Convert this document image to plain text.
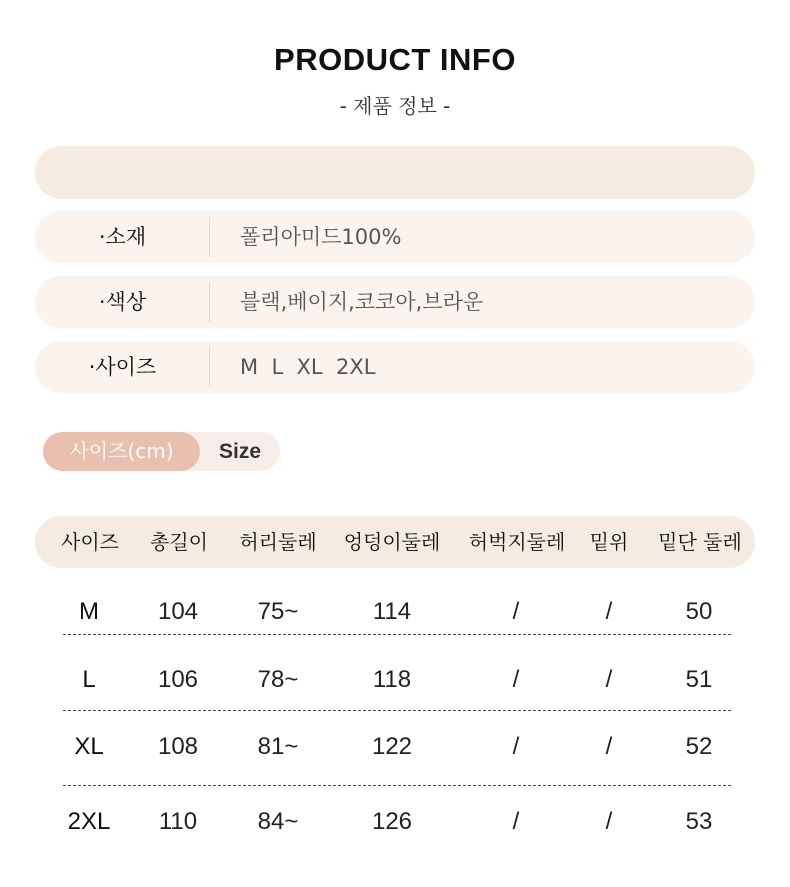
PRODUCT INFO
- 제품 정보 -
·소재	폴리아미드100%
·색상	블랙,베이지,코코아,브라운
·사이즈	M  L  XL  2XL
사이즈(cm)	Size
사이즈	총길이	허리둘레	엉덩이둘레	허벅지둘레	밑위	밑단 둘레
M	104	75~	114	/	/	50
L	106	78~	118	/	/	51
XL	108	81~	122	/	/	52
2XL	110	84~	126	/	/	53
